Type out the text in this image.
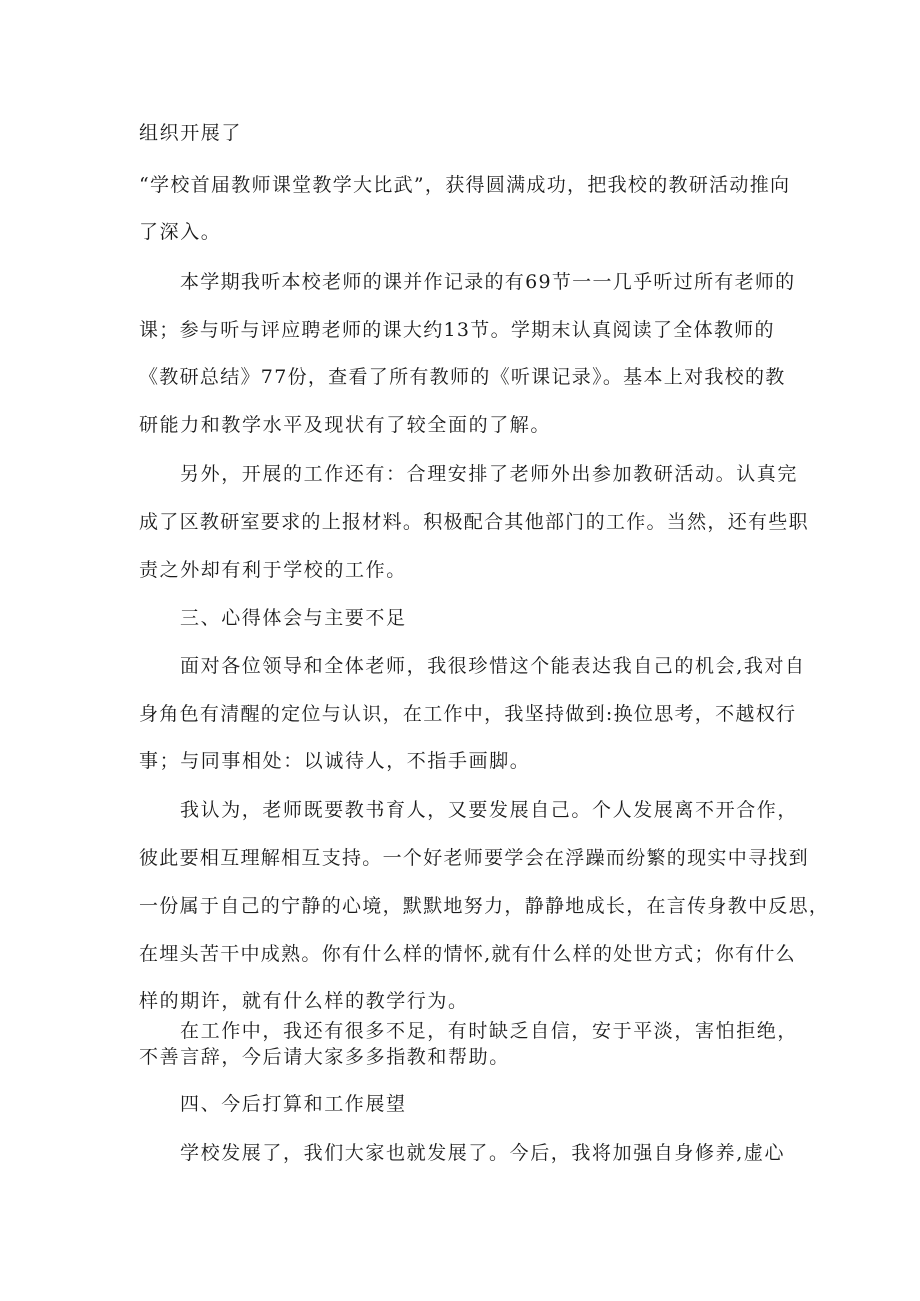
组织开展了
“学校首届教师课堂教学大比武”，获得圆满成功，把我校的教研活动推向
了深入。
本学期我听本校老师的课并作记录的有69节一一几乎听过所有老师的
课；参与听与评应聘老师的课大约13节。学期末认真阅读了全体教师的
《教研总结》77份，查看了所有教师的《听课记录》。基本上对我校的教
研能力和教学水平及现状有了较全面的了解。
另外，开展的工作还有：合理安排了老师外出参加教研活动。认真完
成了区教研室要求的上报材料。积极配合其他部门的工作。当然，还有些职
责之外却有利于学校的工作。
三、心得体会与主要不足
面对各位领导和全体老师，我很珍惜这个能表达我自己的机会,我对自
身角色有清醒的定位与认识，在工作中，我坚持做到:换位思考，不越权行
事；与同事相处：以诚待人，不指手画脚。
我认为，老师既要教书育人，又要发展自己。个人发展离不开合作，
彼此要相互理解相互支持。一个好老师要学会在浮躁而纷繁的现实中寻找到
一份属于自己的宁静的心境，默默地努力，静静地成长，在言传身教中反思，
在埋头苦干中成熟。你有什么样的情怀,就有什么样的处世方式；你有什么
样的期许，就有什么样的教学行为。
在工作中，我还有很多不足，有时缺乏自信，安于平淡，害怕拒绝，
不善言辞，今后请大家多多指教和帮助。
四、今后打算和工作展望
学校发展了，我们大家也就发展了。今后，我将加强自身修养,虚心
